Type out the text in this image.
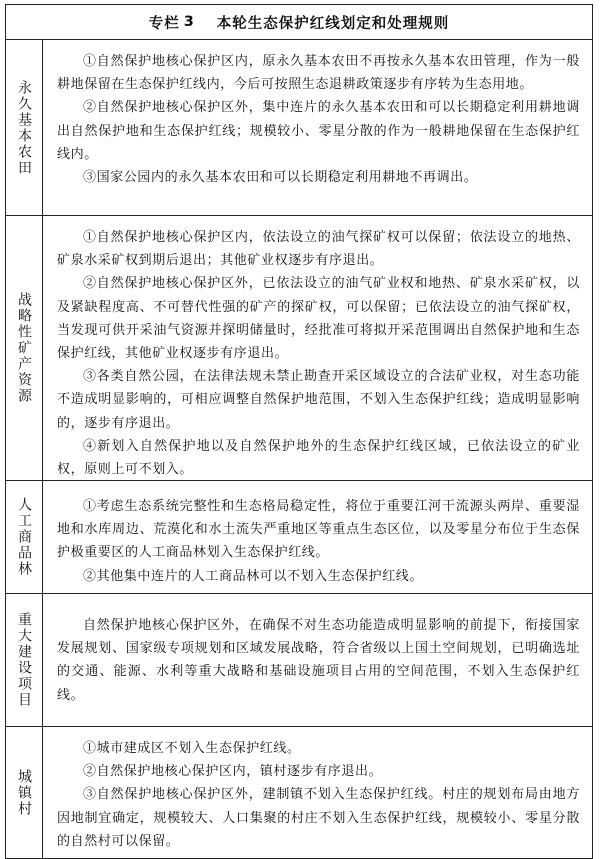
专栏 3 本轮生态保护红线划定和处理规则
永久基本农田

①自然保护地核心保护区内，原永久基本农田不再按永久基本农田管理，作为一般耕地保留在生态保护红线内，今后可按照生态退耕政策逐步有序转为生态用地。

②自然保护地核心保护区外，集中连片的永久基本农田和可以长期稳定利用耕地调出自然保护地和生态保护红线；规模较小、零星分散的作为一般耕地保留在生态保护红线内。

③国家公园内的永久基本农田和可以长期稳定利用耕地不再调出。

战略性矿产资源

①自然保护地核心保护区内，依法设立的油气探矿权可以保留；依法设立的地热、矿泉水采矿权到期后退出；其他矿业权逐步有序退出。

②自然保护地核心保护区外，已依法设立的油气矿业权和地热、矿泉水采矿权，以及紧缺程度高、不可替代性强的矿产的探矿权，可以保留；已依法设立的油气探矿权，当发现可供开采油气资源并探明储量时，经批准可将拟开采范围调出自然保护地和生态保护红线，其他矿业权逐步有序退出。

③各类自然公园，在法律法规未禁止勘查开采区域设立的合法矿业权，对生态功能不造成明显影响的，可相应调整自然保护地范围，不划入生态保护红线；造成明显影响的，逐步有序退出。

④新划入自然保护地以及自然保护地外的生态保护红线区域，已依法设立的矿业权，原则上可不划入。

人工商品林	①考虑生态系统完整性和生态格局稳定性，将位于重要江河干流源头两岸、重要湿地和水库周边、荒漠化和水土流失严重地区等重点生态区位，以及零星分布位于生态保护极重要区的人工商品林划入生态保护红线。

②其他集中连片的人工商品林可以不划入生态保护红线。

重大建设项目	自然保护地核心保护区外，在确保不对生态功能造成明显影响的前提下，衔接国家发展规划、国家级专项规划和区域发展战略，符合省级以上国土空间规划，已明确选址的交通、能源、水利等重大战略和基础设施项目占用的空间范围，不划入生态保护红线。

城镇村

①城市建成区不划入生态保护红线。

②自然保护地核心保护区内，镇村逐步有序退出。

③自然保护地核心保护区外，建制镇不划入生态保护红线。村庄的规划布局由地方因地制宜确定，规模较大、人口集聚的村庄不划入生态保护红线，规模较小、零星分散的自然村可以保留。
